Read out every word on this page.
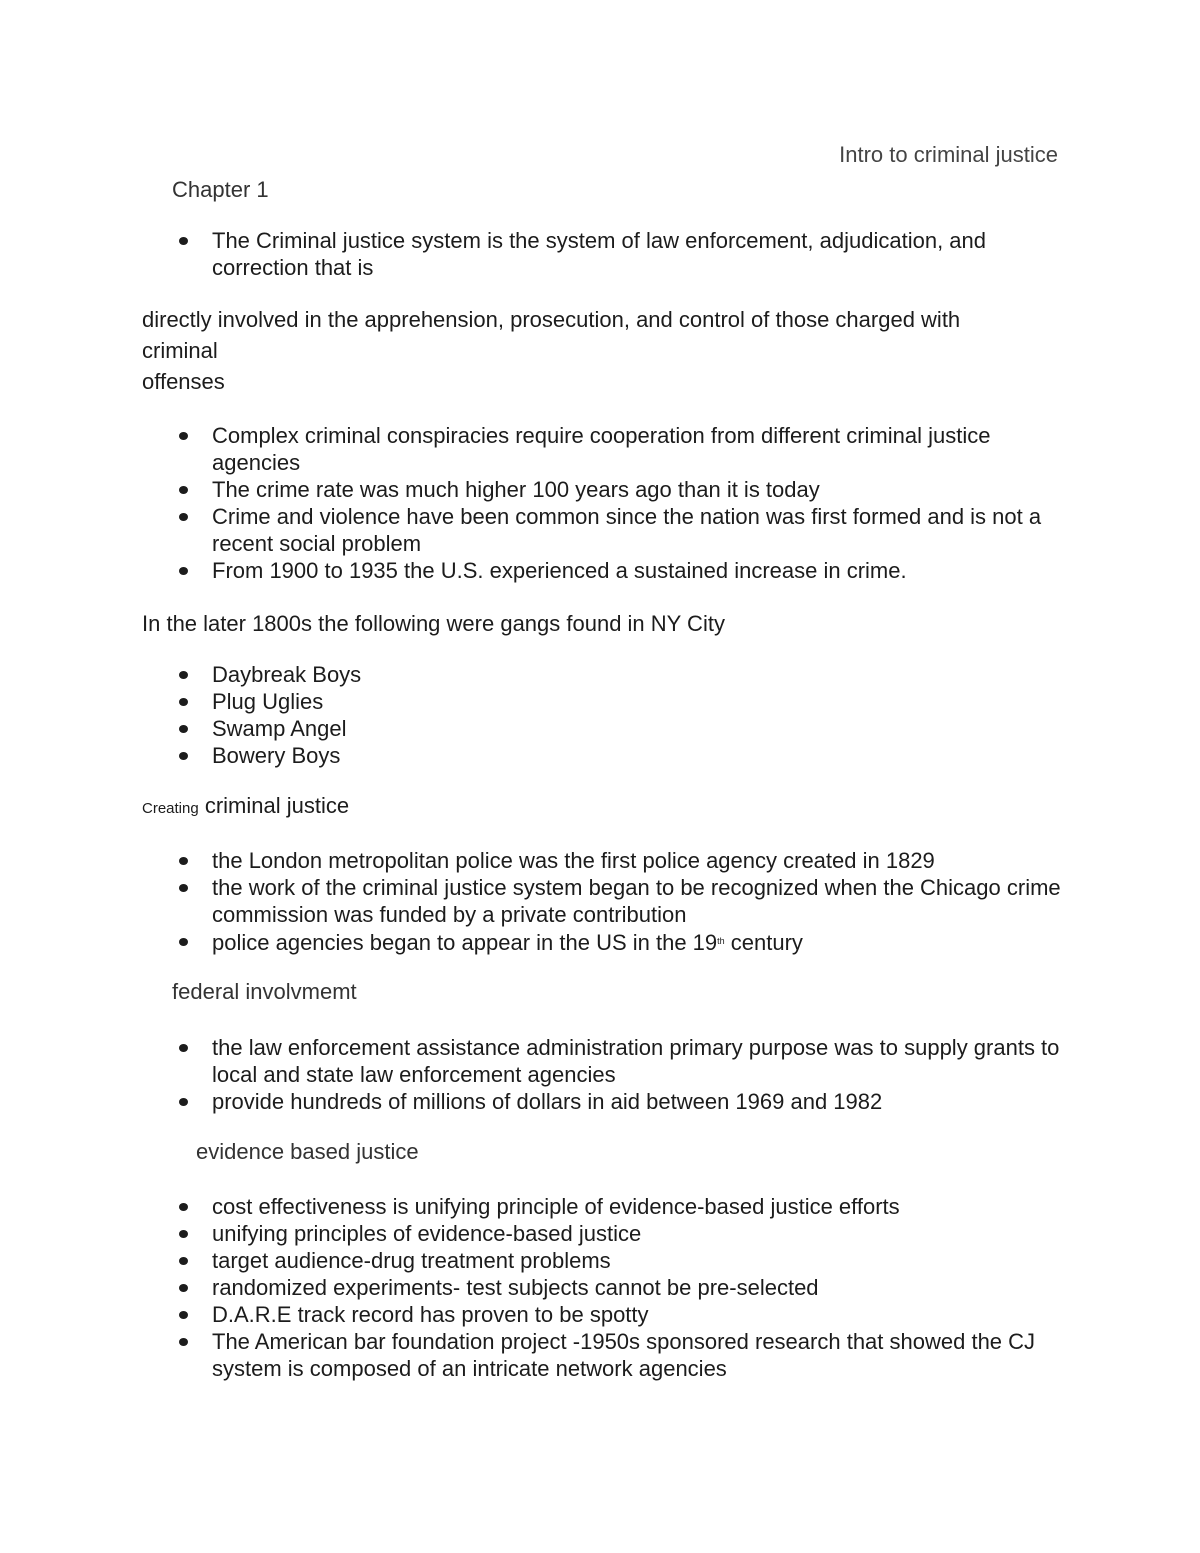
Intro to criminal justice
Chapter 1
The Criminal justice system is the system of law enforcement, adjudication, and correction that is
directly involved in the apprehension, prosecution, and control of those charged with
criminal
offenses
Complex criminal conspiracies require cooperation from different criminal justice agencies
The crime rate was much higher 100 years ago than it is today
Crime and violence have been common since the nation was first formed and is not a recent social problem
From 1900 to 1935 the U.S. experienced a sustained increase in crime.
In the later 1800s the following were gangs found in NY City
Daybreak Boys
Plug Uglies
Swamp Angel
Bowery Boys
Creating criminal justice
the London metropolitan police was the first police agency created in 1829
the work of the criminal justice system began to be recognized when the Chicago crime commission was funded by a private contribution
police agencies began to appear in the US in the 19th century
federal involvmemt
the law enforcement assistance administration primary purpose was to supply grants to local and state law enforcement agencies
provide hundreds of millions of dollars in aid between 1969 and 1982
evidence based justice
cost effectiveness is unifying principle of evidence-based justice efforts
unifying principles of evidence-based justice
target audience-drug treatment problems
randomized experiments- test subjects cannot be pre-selected
D.A.R.E track record has proven to be spotty
The American bar foundation project -1950s sponsored research that showed the CJ system is composed of an intricate network agencies
